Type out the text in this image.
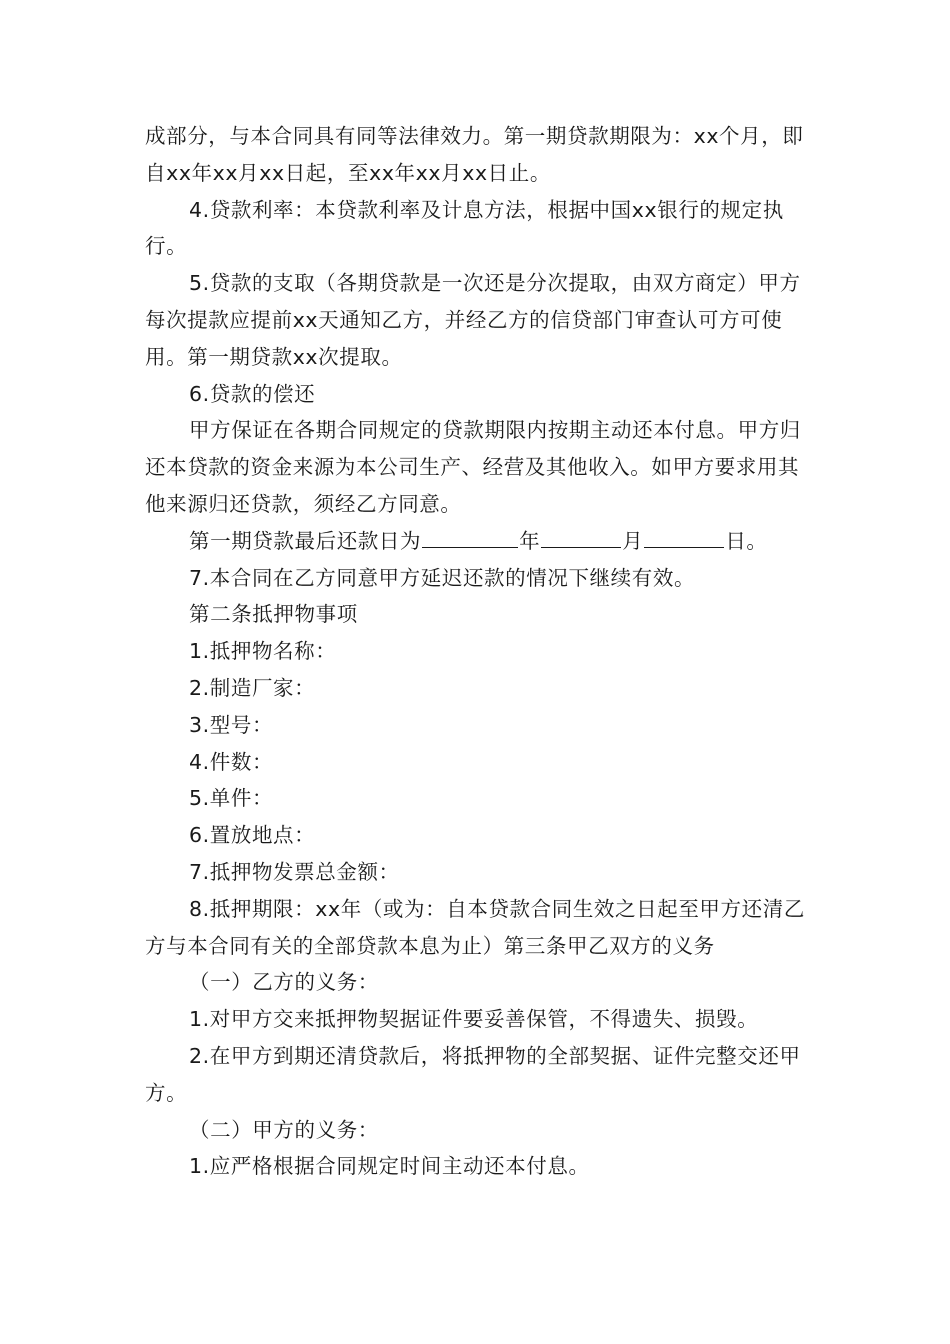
成部分，与本合同具有同等法律效力。第一期贷款期限为：xx个月，即自xx年xx月xx日起，至xx年xx月xx日止。

4.贷款利率：本贷款利率及计息方法，根据中国xx银行的规定执行。

5.贷款的支取（各期贷款是一次还是分次提取，由双方商定）甲方每次提款应提前xx天通知乙方，并经乙方的信贷部门审查认可方可使用。第一期贷款xx次提取。

6.贷款的偿还

甲方保证在各期合同规定的贷款期限内按期主动还本付息。甲方归还本贷款的资金来源为本公司生产、经营及其他收入。如甲方要求用其他来源归还贷款，须经乙方同意。

第一期贷款最后还款日为	年	月	日。

7.本合同在乙方同意甲方延迟还款的情况下继续有效。

第二条抵押物事项

1.抵押物名称：

2.制造厂家：

3.型号：

4.件数：

5.单件：

6.置放地点：

7.抵押物发票总金额：

8.抵押期限：xx年（或为：自本贷款合同生效之日起至甲方还清乙方与本合同有关的全部贷款本息为止）第三条甲乙双方的义务

（一）乙方的义务：

1.对甲方交来抵押物契据证件要妥善保管，不得遗失、损毁。

2.在甲方到期还清贷款后，将抵押物的全部契据、证件完整交还甲方。

（二）甲方的义务：

1.应严格根据合同规定时间主动还本付息。
